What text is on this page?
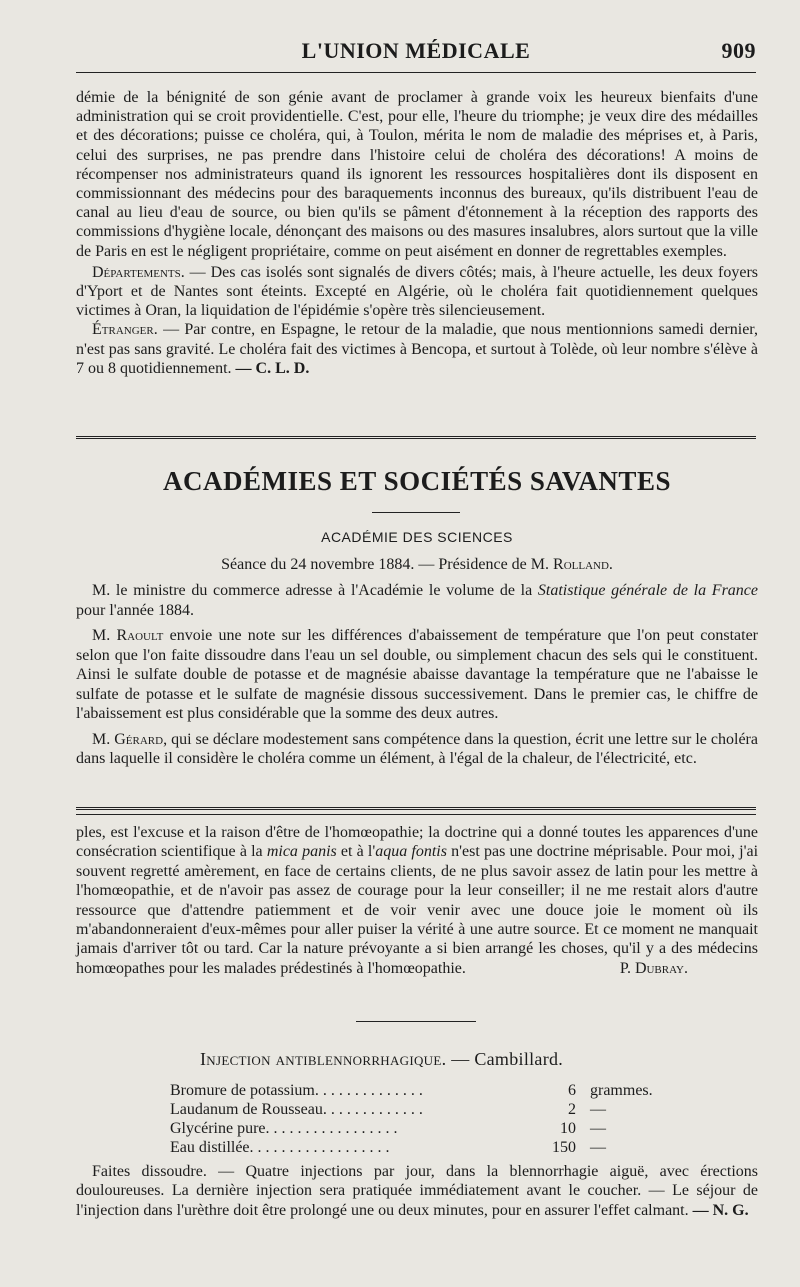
L'UNION MÉDICALE	909

démie de la bénignité de son génie avant de proclamer à grande voix les heureux bienfaits d'une administration qui se croit providentielle. C'est, pour elle, l'heure du triomphe; je veux dire des médailles et des décorations; puisse ce choléra, qui, à Toulon, mérita le nom de maladie des méprises et, à Paris, celui des surprises, ne pas prendre dans l'histoire celui de choléra des décorations! A moins de récompenser nos administrateurs quand ils ignorent les ressources hospitalières dont ils disposent en commissionnant des médecins pour des baraquements inconnus des bureaux, qu'ils distribuent l'eau de canal au lieu d'eau de source, ou bien qu'ils se pâment d'étonnement à la réception des rapports des commissions d'hygiène locale, dénonçant des maisons ou des masures insalubres, alors surtout que la ville de Paris en est le négligent propriétaire, comme on peut aisément en donner de regrettables exemples.

Départements. — Des cas isolés sont signalés de divers côtés; mais, à l'heure actuelle, les deux foyers d'Yport et de Nantes sont éteints. Excepté en Algérie, où le choléra fait quotidiennement quelques victimes à Oran, la liquidation de l'épidémie s'opère très silencieusement.

Étranger. — Par contre, en Espagne, le retour de la maladie, que nous mentionnions samedi dernier, n'est pas sans gravité. Le choléra fait des victimes à Bencopa, et surtout à Tolède, où leur nombre s'élève à 7 ou 8 quotidiennement. — C. L. D.

ACADÉMIES ET SOCIÉTÉS SAVANTES
ACADÉMIE DES SCIENCES
Séance du 24 novembre 1884. — Présidence de M. Rolland.

M. le ministre du commerce adresse à l'Académie le volume de la Statistique générale de la France pour l'année 1884.

M. Raoult envoie une note sur les différences d'abaissement de température que l'on peut constater selon que l'on faite dissoudre dans l'eau un sel double, ou simplement chacun des sels qui le constituent. Ainsi le sulfate double de potasse et de magnésie abaisse davantage la température que ne l'abaisse le sulfate de potasse et le sulfate de magnésie dissous successivement. Dans le premier cas, le chiffre de l'abaissement est plus considérable que la somme des deux autres.

M. Gérard, qui se déclare modestement sans compétence dans la question, écrit une lettre sur le choléra dans laquelle il considère le choléra comme un élément, à l'égal de la chaleur, de l'électricité, etc.

ples, est l'excuse et la raison d'être de l'homœopathie; la doctrine qui a donné toutes les apparences d'une consécration scientifique à la mica panis et à l'aqua fontis n'est pas une doctrine méprisable. Pour moi, j'ai souvent regretté amèrement, en face de certains clients, de ne plus savoir assez de latin pour les mettre à l'homœopathie, et de n'avoir pas assez de courage pour la leur conseiller; il ne me restait alors d'autre ressource que d'attendre patiemment et de voir venir avec une douce joie le moment où ils m'abandonneraient d'eux-mêmes pour aller puiser la vérité à une autre source. Et ce moment ne manquait jamais d'arriver tôt ou tard. Car la nature prévoyante a si bien arrangé les choses, qu'il y a des médecins homœopathes pour les malades prédestinés à l'homœopathie.	P. Dubray.
Injection antiblennorrhagique. — Cambillard.
Bromure de potassium. . . . . . . . . . . . . .	6 grammes.
Laudanum de Rousseau. . . . . . . . . . . . .	2 —
Glycérine pure. . . . . . . . . . . . . . . . .	10 —
Eau distillée. . . . . . . . . . . . . . . . . .	150 —

Faites dissoudre. — Quatre injections par jour, dans la blennorrhagie aiguë, avec érections douloureuses. La dernière injection sera pratiquée immédiatement avant le coucher. — Le séjour de l'injection dans l'urèthre doit être prolongé une ou deux minutes, pour en assurer l'effet calmant. — N. G.
